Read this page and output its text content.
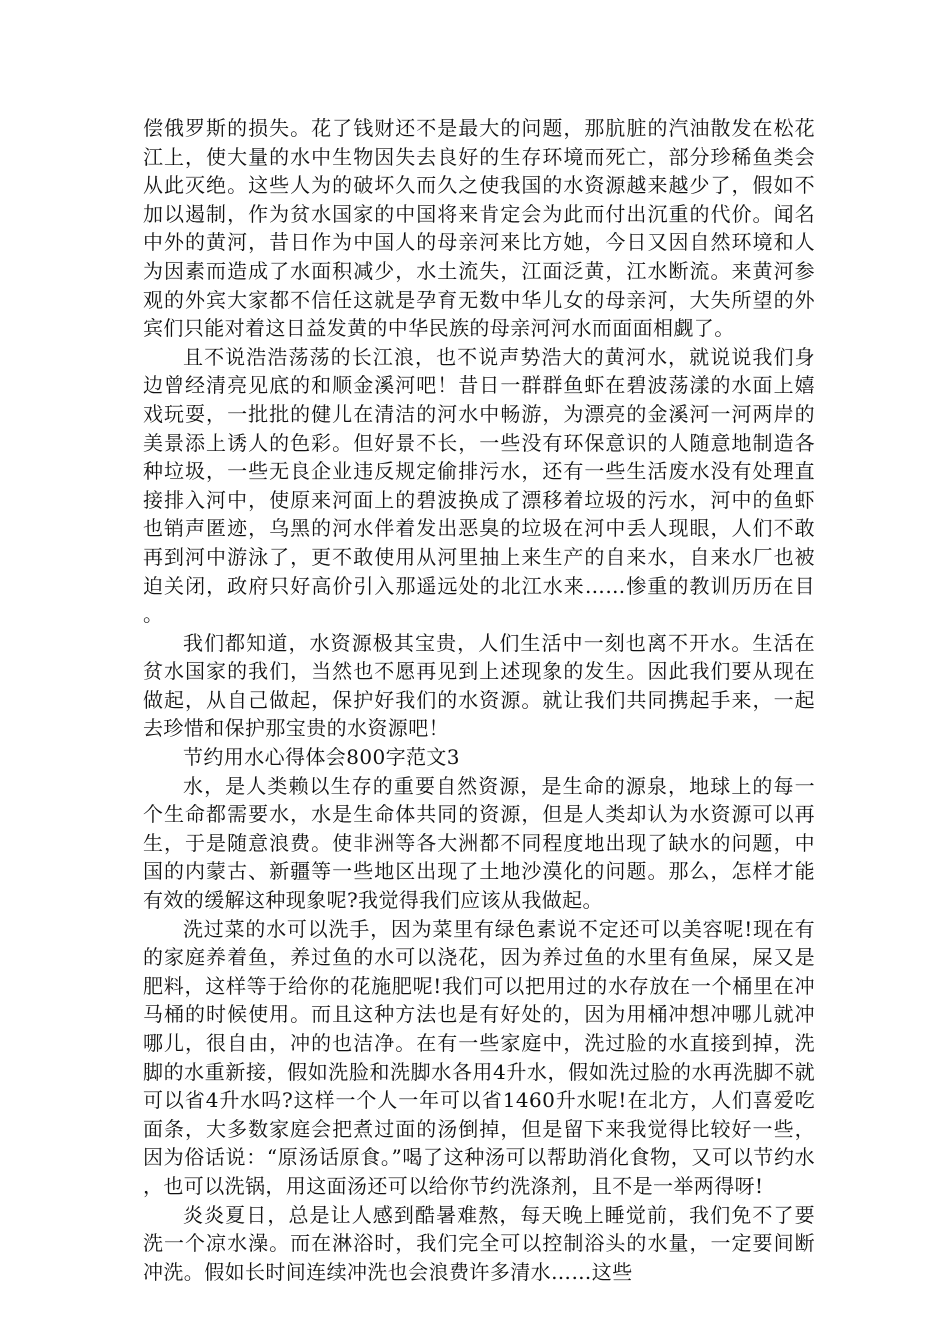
偿俄罗斯的损失。花了钱财还不是最大的问题，那肮脏的汽油散发在松花江上，使大量的水中生物因失去良好的生存环境而死亡，部分珍稀鱼类会从此灭绝。这些人为的破坏久而久之使我国的水资源越来越少了，假如不加以遏制，作为贫水国家的中国将来肯定会为此而付出沉重的代价。闻名中外的黄河，昔日作为中国人的母亲河来比方她，今日又因自然环境和人为因素而造成了水面积减少，水土流失，江面泛黄，江水断流。来黄河参观的外宾大家都不信任这就是孕育无数中华儿女的母亲河，大失所望的外宾们只能对着这日益发黄的中华民族的母亲河河水而面面相觑了。

且不说浩浩荡荡的长江浪，也不说声势浩大的黄河水，就说说我们身边曾经清亮见底的和顺金溪河吧！昔日一群群鱼虾在碧波荡漾的水面上嬉戏玩耍，一批批的健儿在清洁的河水中畅游，为漂亮的金溪河一河两岸的美景添上诱人的色彩。但好景不长，一些没有环保意识的人随意地制造各种垃圾，一些无良企业违反规定偷排污水，还有一些生活废水没有处理直接排入河中，使原来河面上的碧波换成了漂移着垃圾的污水，河中的鱼虾也销声匿迹，乌黑的河水伴着发出恶臭的垃圾在河中丢人现眼，人们不敢再到河中游泳了，更不敢使用从河里抽上来生产的自来水，自来水厂也被迫关闭，政府只好高价引入那遥远处的北江水来……惨重的教训历历在目。

我们都知道，水资源极其宝贵，人们生活中一刻也离不开水。生活在贫水国家的我们，当然也不愿再见到上述现象的发生。因此我们要从现在做起，从自己做起，保护好我们的水资源。就让我们共同携起手来，一起去珍惜和保护那宝贵的水资源吧！

节约用水心得体会800字范文3

水，是人类赖以生存的重要自然资源，是生命的源泉，地球上的每一个生命都需要水，水是生命体共同的资源，但是人类却认为水资源可以再生，于是随意浪费。使非洲等各大洲都不同程度地出现了缺水的问题，中国的内蒙古、新疆等一些地区出现了土地沙漠化的问题。那么，怎样才能有效的缓解这种现象呢?我觉得我们应该从我做起。

洗过菜的水可以洗手，因为菜里有绿色素说不定还可以美容呢!现在有的家庭养着鱼，养过鱼的水可以浇花，因为养过鱼的水里有鱼屎，屎又是肥料，这样等于给你的花施肥呢!我们可以把用过的水存放在一个桶里在冲马桶的时候使用。而且这种方法也是有好处的，因为用桶冲想冲哪儿就冲哪儿，很自由，冲的也洁净。在有一些家庭中，洗过脸的水直接到掉，洗脚的水重新接，假如洗脸和洗脚水各用4升水，假如洗过脸的水再洗脚不就可以省4升水吗?这样一个人一年可以省1460升水呢!在北方，人们喜爱吃面条，大多数家庭会把煮过面的汤倒掉，但是留下来我觉得比较好一些，因为俗话说：“原汤话原食。”喝了这种汤可以帮助消化食物，又可以节约水，也可以洗锅，用这面汤还可以给你节约洗涤剂，且不是一举两得呀!

炎炎夏日，总是让人感到酷暑难熬，每天晚上睡觉前，我们免不了要洗一个凉水澡。而在淋浴时，我们完全可以控制浴头的水量，一定要间断冲洗。假如长时间连续冲洗也会浪费许多清水……这些
